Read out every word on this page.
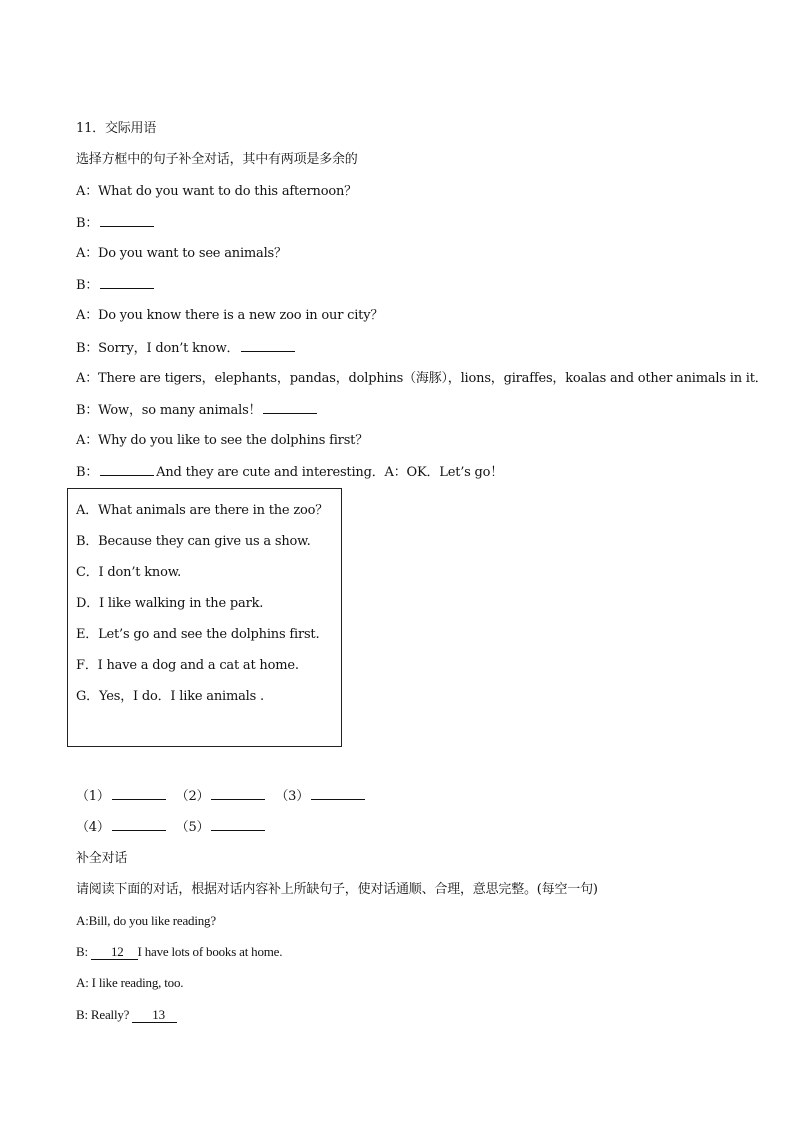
11．交际用语
选择方框中的句子补全对话，其中有两项是多余的
A：What do you want to do this afternoon？
B：
A：Do you want to see animals？
B：
A：Do you know there is a new zoo in our city？
B：Sorry，I don’t know．
A：There are tigers，elephants，pandas，dolphins（海豚），lions，giraffes，koalas and other animals in it．
B：Wow，so many animals！
A：Why do you like to see the dolphins first？
B：	And they are cute and interesting．A：OK．Let’s go！
A．What animals are there in the zoo？
B．Because they can give us a show.
C．I don’t know.
D．I like walking in the park.
E．Let’s go and see the dolphins first.
F．I have a dog and a cat at home.
G．Yes，I do．I like animals .
（1）	（2）	（3）
（4）	（5）
补全对话
请阅读下面的对话，根据对话内容补上所缺句子，使对话通顺、合理，意思完整。(每空一句)
A:Bill, do you like reading?
B: 12 I have lots of books at home.
A: I like reading, too.
B: Really? 13
